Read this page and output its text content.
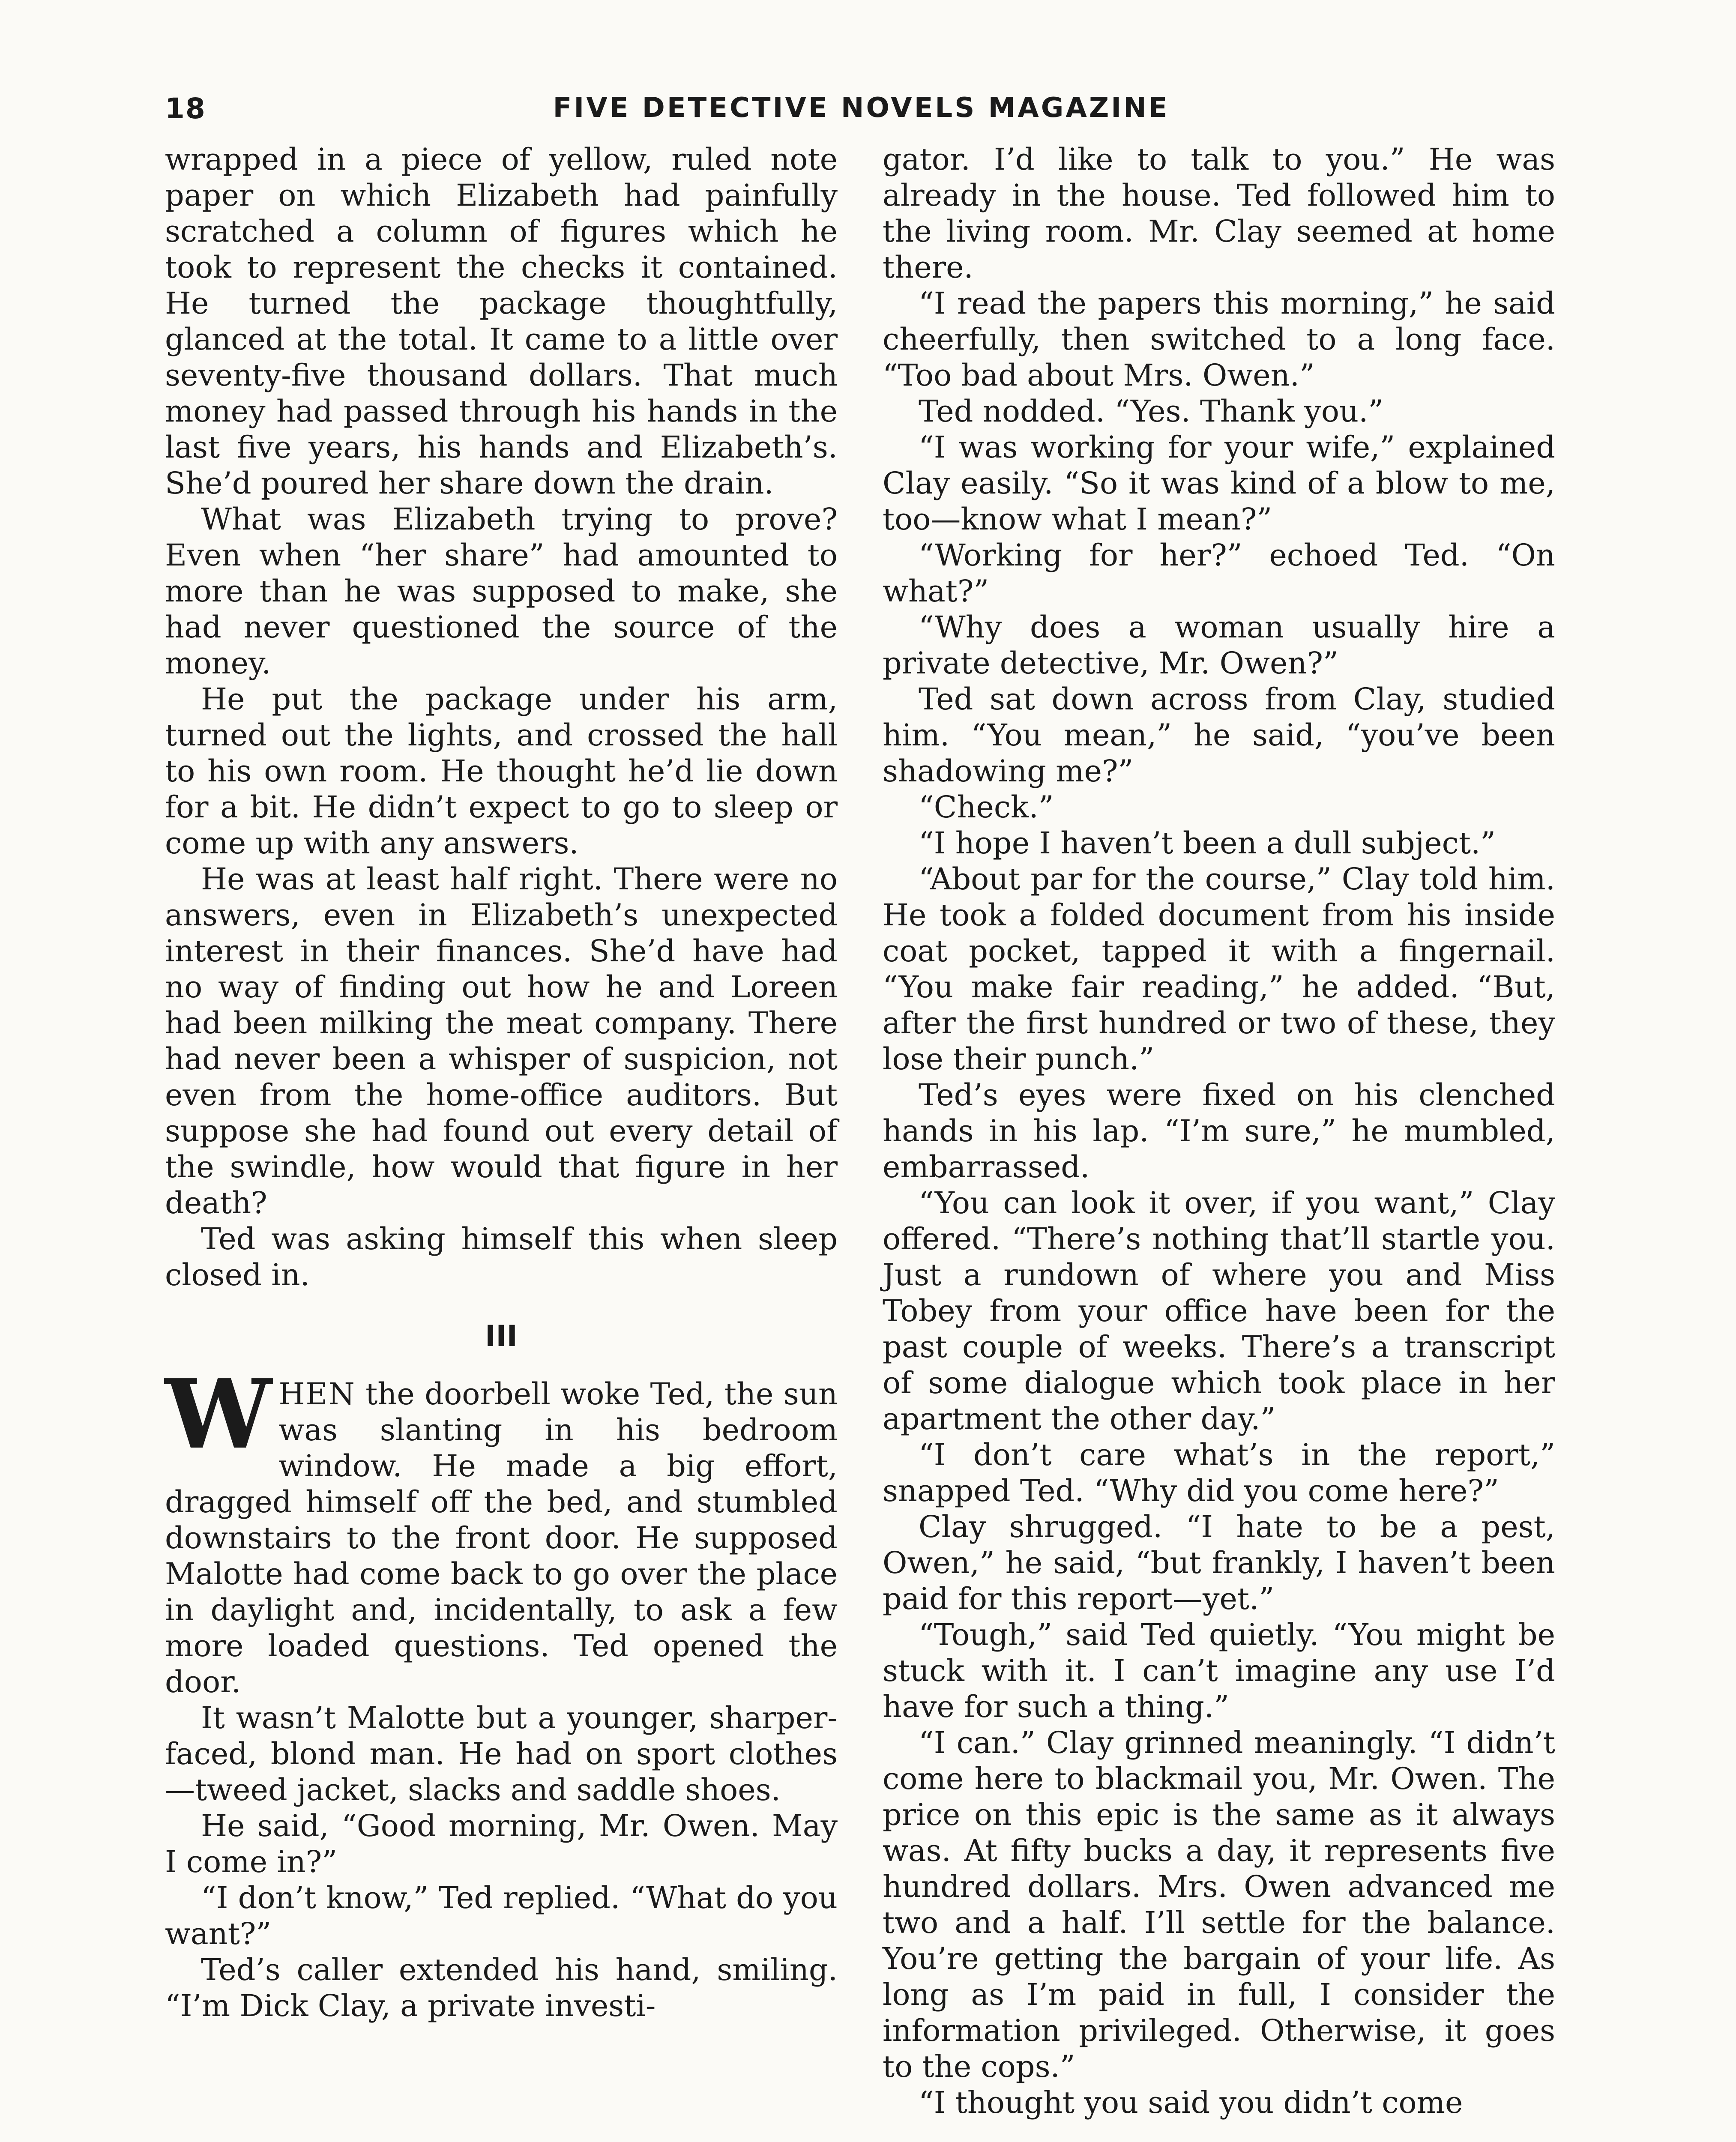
18	FIVE DETECTIVE NOVELS MAGAZINE

wrapped in a piece of yellow, ruled note paper on which Elizabeth had painfully scratched a column of figures which he took to represent the checks it contained. He turned the package thoughtfully, glanced at the total. It came to a little over seventy-five thousand dollars. That much money had passed through his hands in the last five years, his hands and Elizabeth’s. She’d poured her share down the drain.

What was Elizabeth trying to prove? Even when “her share” had amounted to more than he was supposed to make, she had never questioned the source of the money.

He put the package under his arm, turned out the lights, and crossed the hall to his own room. He thought he’d lie down for a bit. He didn’t expect to go to sleep or come up with any answers.

He was at least half right. There were no answers, even in Elizabeth’s unexpected interest in their finances. She’d have had no way of finding out how he and Loreen had been milking the meat company. There had never been a whisper of suspicion, not even from the home-office auditors. But suppose she had found out every detail of the swindle, how would that figure in her death?

Ted was asking himself this when sleep closed in.

III

WHEN the doorbell woke Ted, the sun was slanting in his bedroom window. He made a big effort, dragged himself off the bed, and stumbled downstairs to the front door. He supposed Malotte had come back to go over the place in daylight and, incidentally, to ask a few more loaded questions. Ted opened the door.

It wasn’t Malotte but a younger, sharper-faced, blond man. He had on sport clothes—tweed jacket, slacks and saddle shoes.

He said, “Good morning, Mr. Owen. May I come in?”

“I don’t know,” Ted replied. “What do you want?”

Ted’s caller extended his hand, smiling. “I’m Dick Clay, a private investi-

gator. I’d like to talk to you.” He was already in the house. Ted followed him to the living room. Mr. Clay seemed at home there.

“I read the papers this morning,” he said cheerfully, then switched to a long face. “Too bad about Mrs. Owen.”

Ted nodded. “Yes. Thank you.”

“I was working for your wife,” explained Clay easily. “So it was kind of a blow to me, too—know what I mean?”

“Working for her?” echoed Ted. “On what?”

“Why does a woman usually hire a private detective, Mr. Owen?”

Ted sat down across from Clay, studied him. “You mean,” he said, “you’ve been shadowing me?”

“Check.”

“I hope I haven’t been a dull subject.”

“About par for the course,” Clay told him. He took a folded document from his inside coat pocket, tapped it with a fingernail. “You make fair reading,” he added. “But, after the first hundred or two of these, they lose their punch.”

Ted’s eyes were fixed on his clenched hands in his lap. “I’m sure,” he mumbled, embarrassed.

“You can look it over, if you want,” Clay offered. “There’s nothing that’ll startle you. Just a rundown of where you and Miss Tobey from your office have been for the past couple of weeks. There’s a transcript of some dialogue which took place in her apartment the other day.”

“I don’t care what’s in the report,” snapped Ted. “Why did you come here?”

Clay shrugged. “I hate to be a pest, Owen,” he said, “but frankly, I haven’t been paid for this report—yet.”

“Tough,” said Ted quietly. “You might be stuck with it. I can’t imagine any use I’d have for such a thing.”

“I can.” Clay grinned meaningly. “I didn’t come here to blackmail you, Mr. Owen. The price on this epic is the same as it always was. At fifty bucks a day, it represents five hundred dollars. Mrs. Owen advanced me two and a half. I’ll settle for the balance. You’re getting the bargain of your life. As long as I’m paid in full, I consider the information privileged. Otherwise, it goes to the cops.”

“I thought you said you didn’t come
